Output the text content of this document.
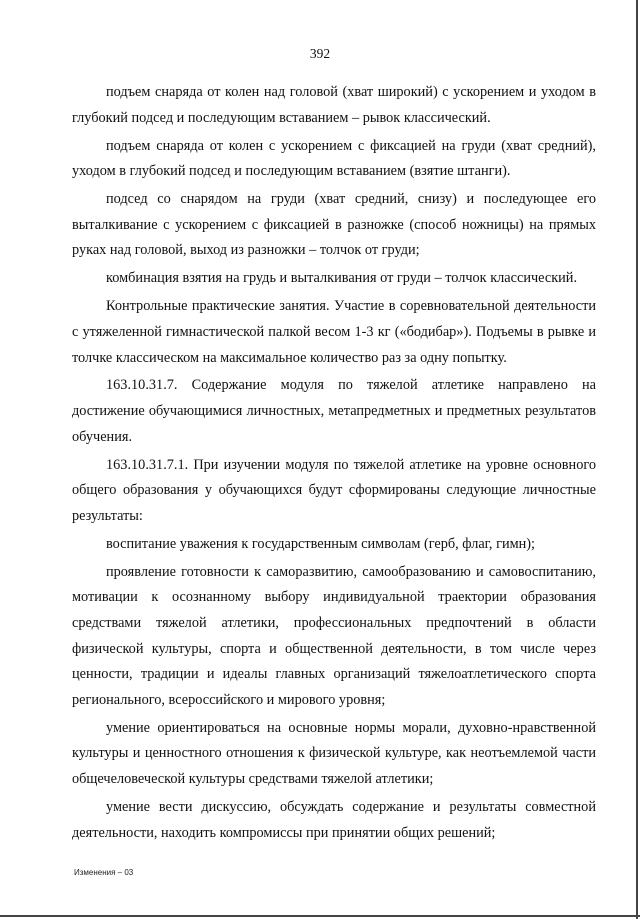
392

подъем снаряда от колен над головой (хват широкий) с ускорением и уходом в глубокий подсед и последующим вставанием – рывок классический.

подъем снаряда от колен с ускорением с фиксацией на груди (хват средний), уходом в глубокий подсед и последующим вставанием (взятие штанги).

подсед со снарядом на груди (хват средний, снизу) и последующее его выталкивание с ускорением с фиксацией в разножке (способ ножницы) на прямых руках над головой, выход из разножки – толчок от груди;

комбинация взятия на грудь и выталкивания от груди – толчок классический.

Контрольные практические занятия. Участие в соревновательной деятельности с утяжеленной гимнастической палкой весом 1-3 кг («бодибар»). Подъемы в рывке и толчке классическом на максимальное количество раз за одну попытку.

163.10.31.7. Содержание модуля по тяжелой атлетике направлено на достижение обучающимися личностных, метапредметных и предметных результатов обучения.

163.10.31.7.1. При изучении модуля по тяжелой атлетике на уровне основного общего образования у обучающихся будут сформированы следующие личностные результаты:

воспитание уважения к государственным символам (герб, флаг, гимн);

проявление готовности к саморазвитию, самообразованию и самовоспитанию, мотивации к осознанному выбору индивидуальной траектории образования средствами тяжелой атлетики, профессиональных предпочтений в области физической культуры, спорта и общественной деятельности, в том числе через ценности, традиции и идеалы главных организаций тяжелоатлетического спорта регионального, всероссийского и мирового уровня;

умение ориентироваться на основные нормы морали, духовно-нравственной культуры и ценностного отношения к физической культуре, как неотъемлемой части общечеловеческой культуры средствами тяжелой атлетики;

умение вести дискуссию, обсуждать содержание и результаты совместной деятельности, находить компромиссы при принятии общих решений;

Изменения – 03
